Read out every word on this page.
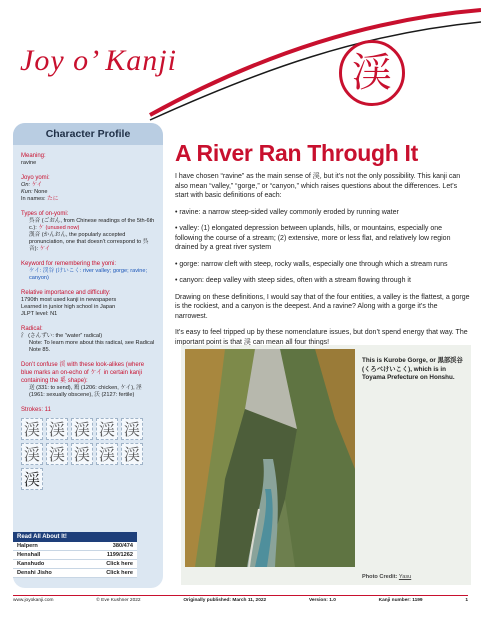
Joy o’ Kanji	渓
Character Profile
Meaning:
ravine
Joyo yomi:
On: ケイ
Kun: None
In names: たに
Types of on-yomi:
呉音 (ごおん, from Chinese readings of the 5th-6th c.): ケ (unused now)
漢音 (かんおん, the popularly accepted pronunciation, one that doesn’t correspond to 呉音): ケイ
Keyword for remembering the yomi:
ケイ: 渓谷 (けいこく: river valley; gorge; ravine; canyon)
Relative importance and difficulty:
1790th most used kanji in newspapers
Learned in junior high school in Japan
JLPT level: N1
Radical:
氵 (さんずい: the “water” radical)
Note: To learn more about this radical, see Radical Note 85.
Don’t confuse 渓 with these look-alikes (where blue marks an on-echo of ケイ in certain kanji containing the 奚 shape):
送 (331: to send), 鶏 (1206: chicken, ケイ), 淫 (1961: sexually obscene), 沃 (2127: fertile)
Strokes: 11
渓 渓 渓 渓 渓
渓 渓 渓 渓 渓
渓
Read All About It!
Halpern	380/474
Henshall	1199/1262
Kanshudo	Click here
Denshi Jisho	Click here
A River Ran Through It

I have chosen “ravine” as the main sense of 渓, but it’s not the only possibility. This kanji can also mean “valley,” “gorge,” or “canyon,” which raises questions about the differences. Let’s start with basic definitions of each:

• ravine: a narrow steep-sided valley commonly eroded by running water

• valley: (1) elongated depression between uplands, hills, or mountains, especially one following the course of a stream; (2) extensive, more or less flat, and relatively low region drained by a great river system

• gorge: narrow cleft with steep, rocky walls, especially one through which a stream runs

• canyon: deep valley with steep sides, often with a stream flowing through it

Drawing on these definitions, I would say that of the four entities, a valley is the flattest, a gorge is the rockiest, and a canyon is the deepest. And a ravine? Along with a gorge it’s the narrowest.

It’s easy to feel tripped up by these nomenclature issues, but don’t spend energy that way. The important point is that 渓 can mean all four things!

This is Kurobe Gorge, or 黒部渓谷 (くろべけいこく), which is in Toyama Prefecture on Honshu.
Photo Credit: Yasu
www.joyokanji.com	© Eve Kushner 2022	Originally published: March 11, 2022	Version: 1.0	Kanji number: 1199	1
